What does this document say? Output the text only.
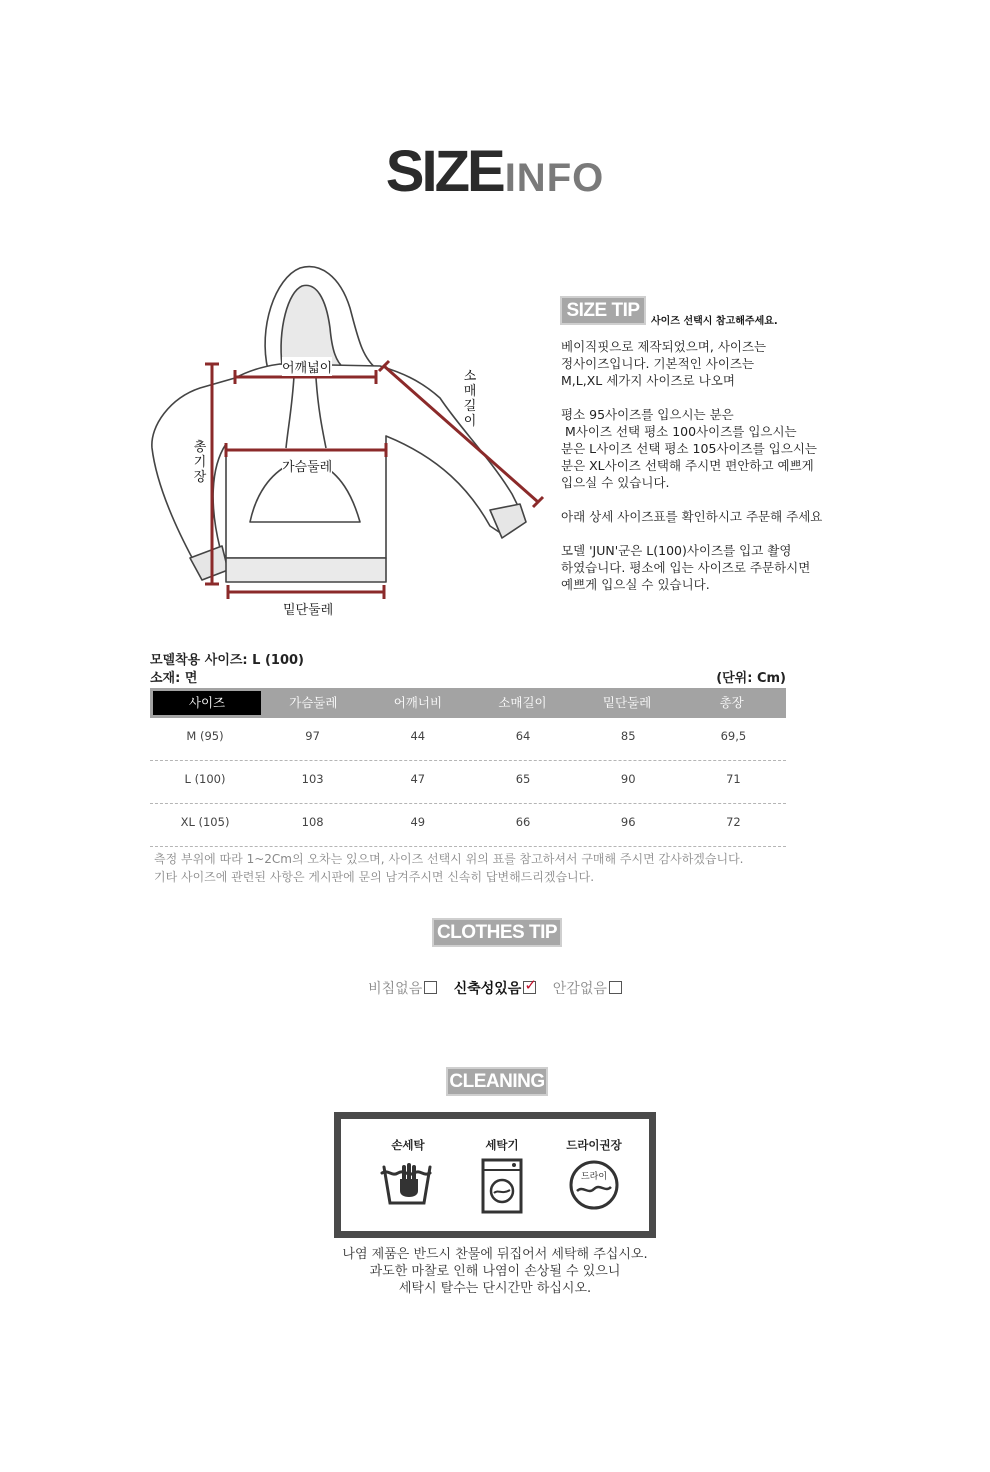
SIZEINFO
어깨넓이
가슴둘레
밑단둘레
총
기
장
소
매
길
이
SIZE TIP
사이즈 선택시 참고해주세요.

베이직핏으로 제작되었으며, 사이즈는

정사이즈입니다. 기본적인 사이즈는

M,L,XL 세가지 사이즈로 나오며

평소 95사이즈를 입으시는 분은

M사이즈 선택 평소 100사이즈를 입으시는

분은 L사이즈 선택 평소 105사이즈를 입으시는

분은 XL사이즈 선택해 주시면 편안하고 예쁘게

입으실 수 있습니다.

아래 상세 사이즈표를 확인하시고 주문해 주세요

모델 'JUN'군은 L(100)사이즈를 입고 촬영

하였습니다. 평소에 입는 사이즈로 주문하시면

예쁘게 입으실 수 있습니다.

모델착용 사이즈: L (100)
소재: 면	(단위: Cm)
사이즈	가슴둘레	어깨너비	소매길이	밑단둘레	총장
M (95)	97	44	64	85	69,5
L (100)	103	47	65	90	71
XL (105)	108	49	66	96	72
측정 부위에 따라 1~2Cm의 오차는 있으며, 사이즈 선택시 위의 표를 참고하셔서 구매해 주시면 감사하겠습니다.
기타 사이즈에 관련된 사항은 게시판에 문의 남겨주시면 신속히 답변해드리겠습니다.
CLOTHES TIP
비침없음 신축성있음 ✓ 안감없음
CLEANING
손세탁	세탁기	드라이권장
드라이

나염 제품은 반드시 찬물에 뒤집어서 세탁해 주십시오.

과도한 마찰로 인해 나염이 손상될 수 있으니

세탁시 탈수는 단시간만 하십시오.
